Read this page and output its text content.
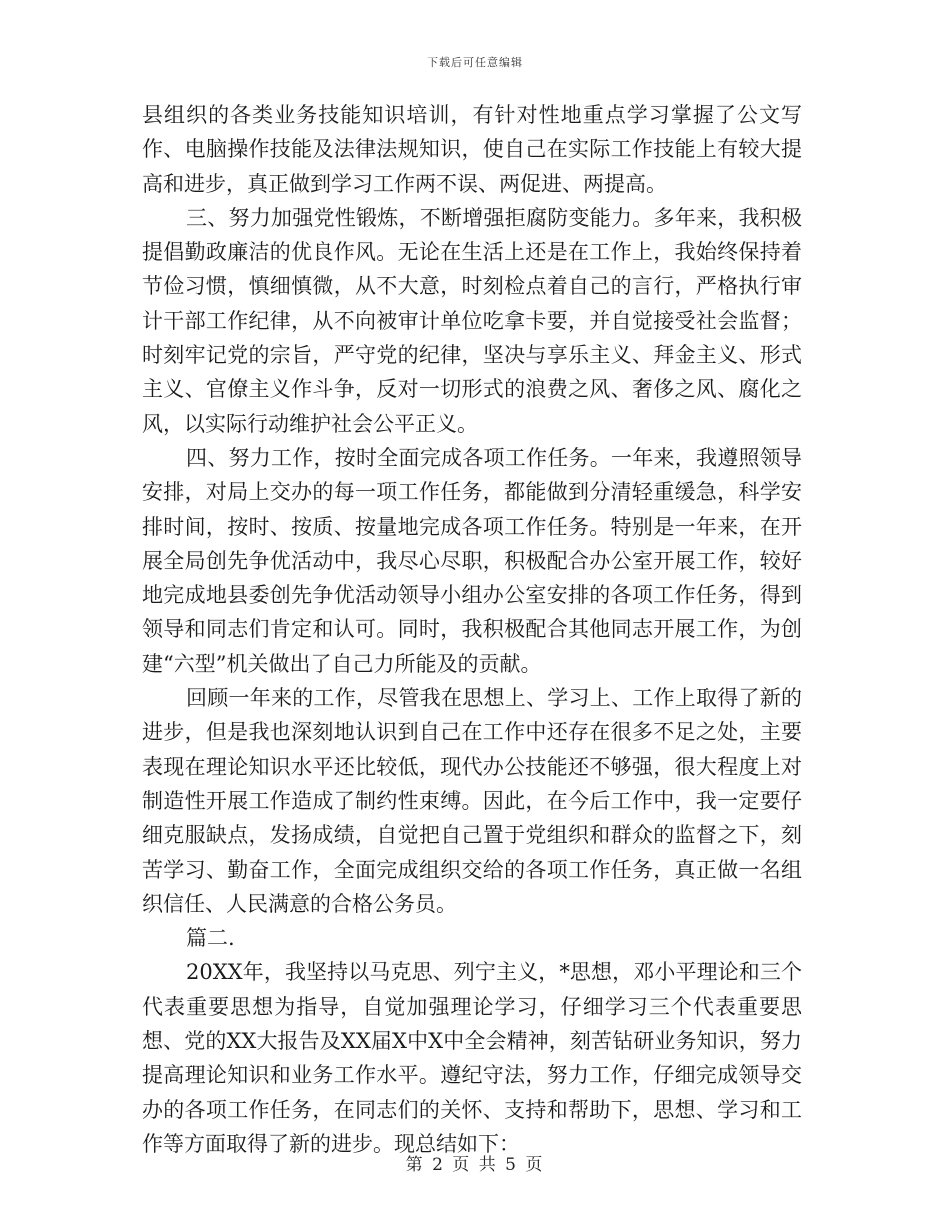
下载后可任意编辑

县组织的各类业务技能知识培训，有针对性地重点学习掌握了公文写作、电脑操作技能及法律法规知识，使自己在实际工作技能上有较大提高和进步，真正做到学习工作两不误、两促进、两提高。

三、努力加强党性锻炼，不断增强拒腐防变能力。多年来，我积极提倡勤政廉洁的优良作风。无论在生活上还是在工作上，我始终保持着节俭习惯，慎细慎微，从不大意，时刻检点着自己的言行，严格执行审计干部工作纪律，从不向被审计单位吃拿卡要，并自觉接受社会监督；时刻牢记党的宗旨，严守党的纪律，坚决与享乐主义、拜金主义、形式主义、官僚主义作斗争，反对一切形式的浪费之风、奢侈之风、腐化之风，以实际行动维护社会公平正义。

四、努力工作，按时全面完成各项工作任务。一年来，我遵照领导安排，对局上交办的每一项工作任务，都能做到分清轻重缓急，科学安排时间，按时、按质、按量地完成各项工作任务。特别是一年来，在开展全局创先争优活动中，我尽心尽职，积极配合办公室开展工作，较好地完成地县委创先争优活动领导小组办公室安排的各项工作任务，得到领导和同志们肯定和认可。同时，我积极配合其他同志开展工作，为创建“六型”机关做出了自己力所能及的贡献。

回顾一年来的工作，尽管我在思想上、学习上、工作上取得了新的进步，但是我也深刻地认识到自己在工作中还存在很多不足之处，主要表现在理论知识水平还比较低，现代办公技能还不够强，很大程度上对制造性开展工作造成了制约性束缚。因此，在今后工作中，我一定要仔细克服缺点，发扬成绩，自觉把自己置于党组织和群众的监督之下，刻苦学习、勤奋工作，全面完成组织交给的各项工作任务，真正做一名组织信任、人民满意的合格公务员。

篇二.

20XX年，我坚持以马克思、列宁主义，*思想，邓小平理论和三个代表重要思想为指导，自觉加强理论学习，仔细学习三个代表重要思想、党的XX大报告及XX届X中X中全会精神，刻苦钻研业务知识，努力提高理论知识和业务工作水平。遵纪守法，努力工作，仔细完成领导交办的各项工作任务，在同志们的关怀、支持和帮助下，思想、学习和工作等方面取得了新的进步。现总结如下：

第 2 页 共 5 页
